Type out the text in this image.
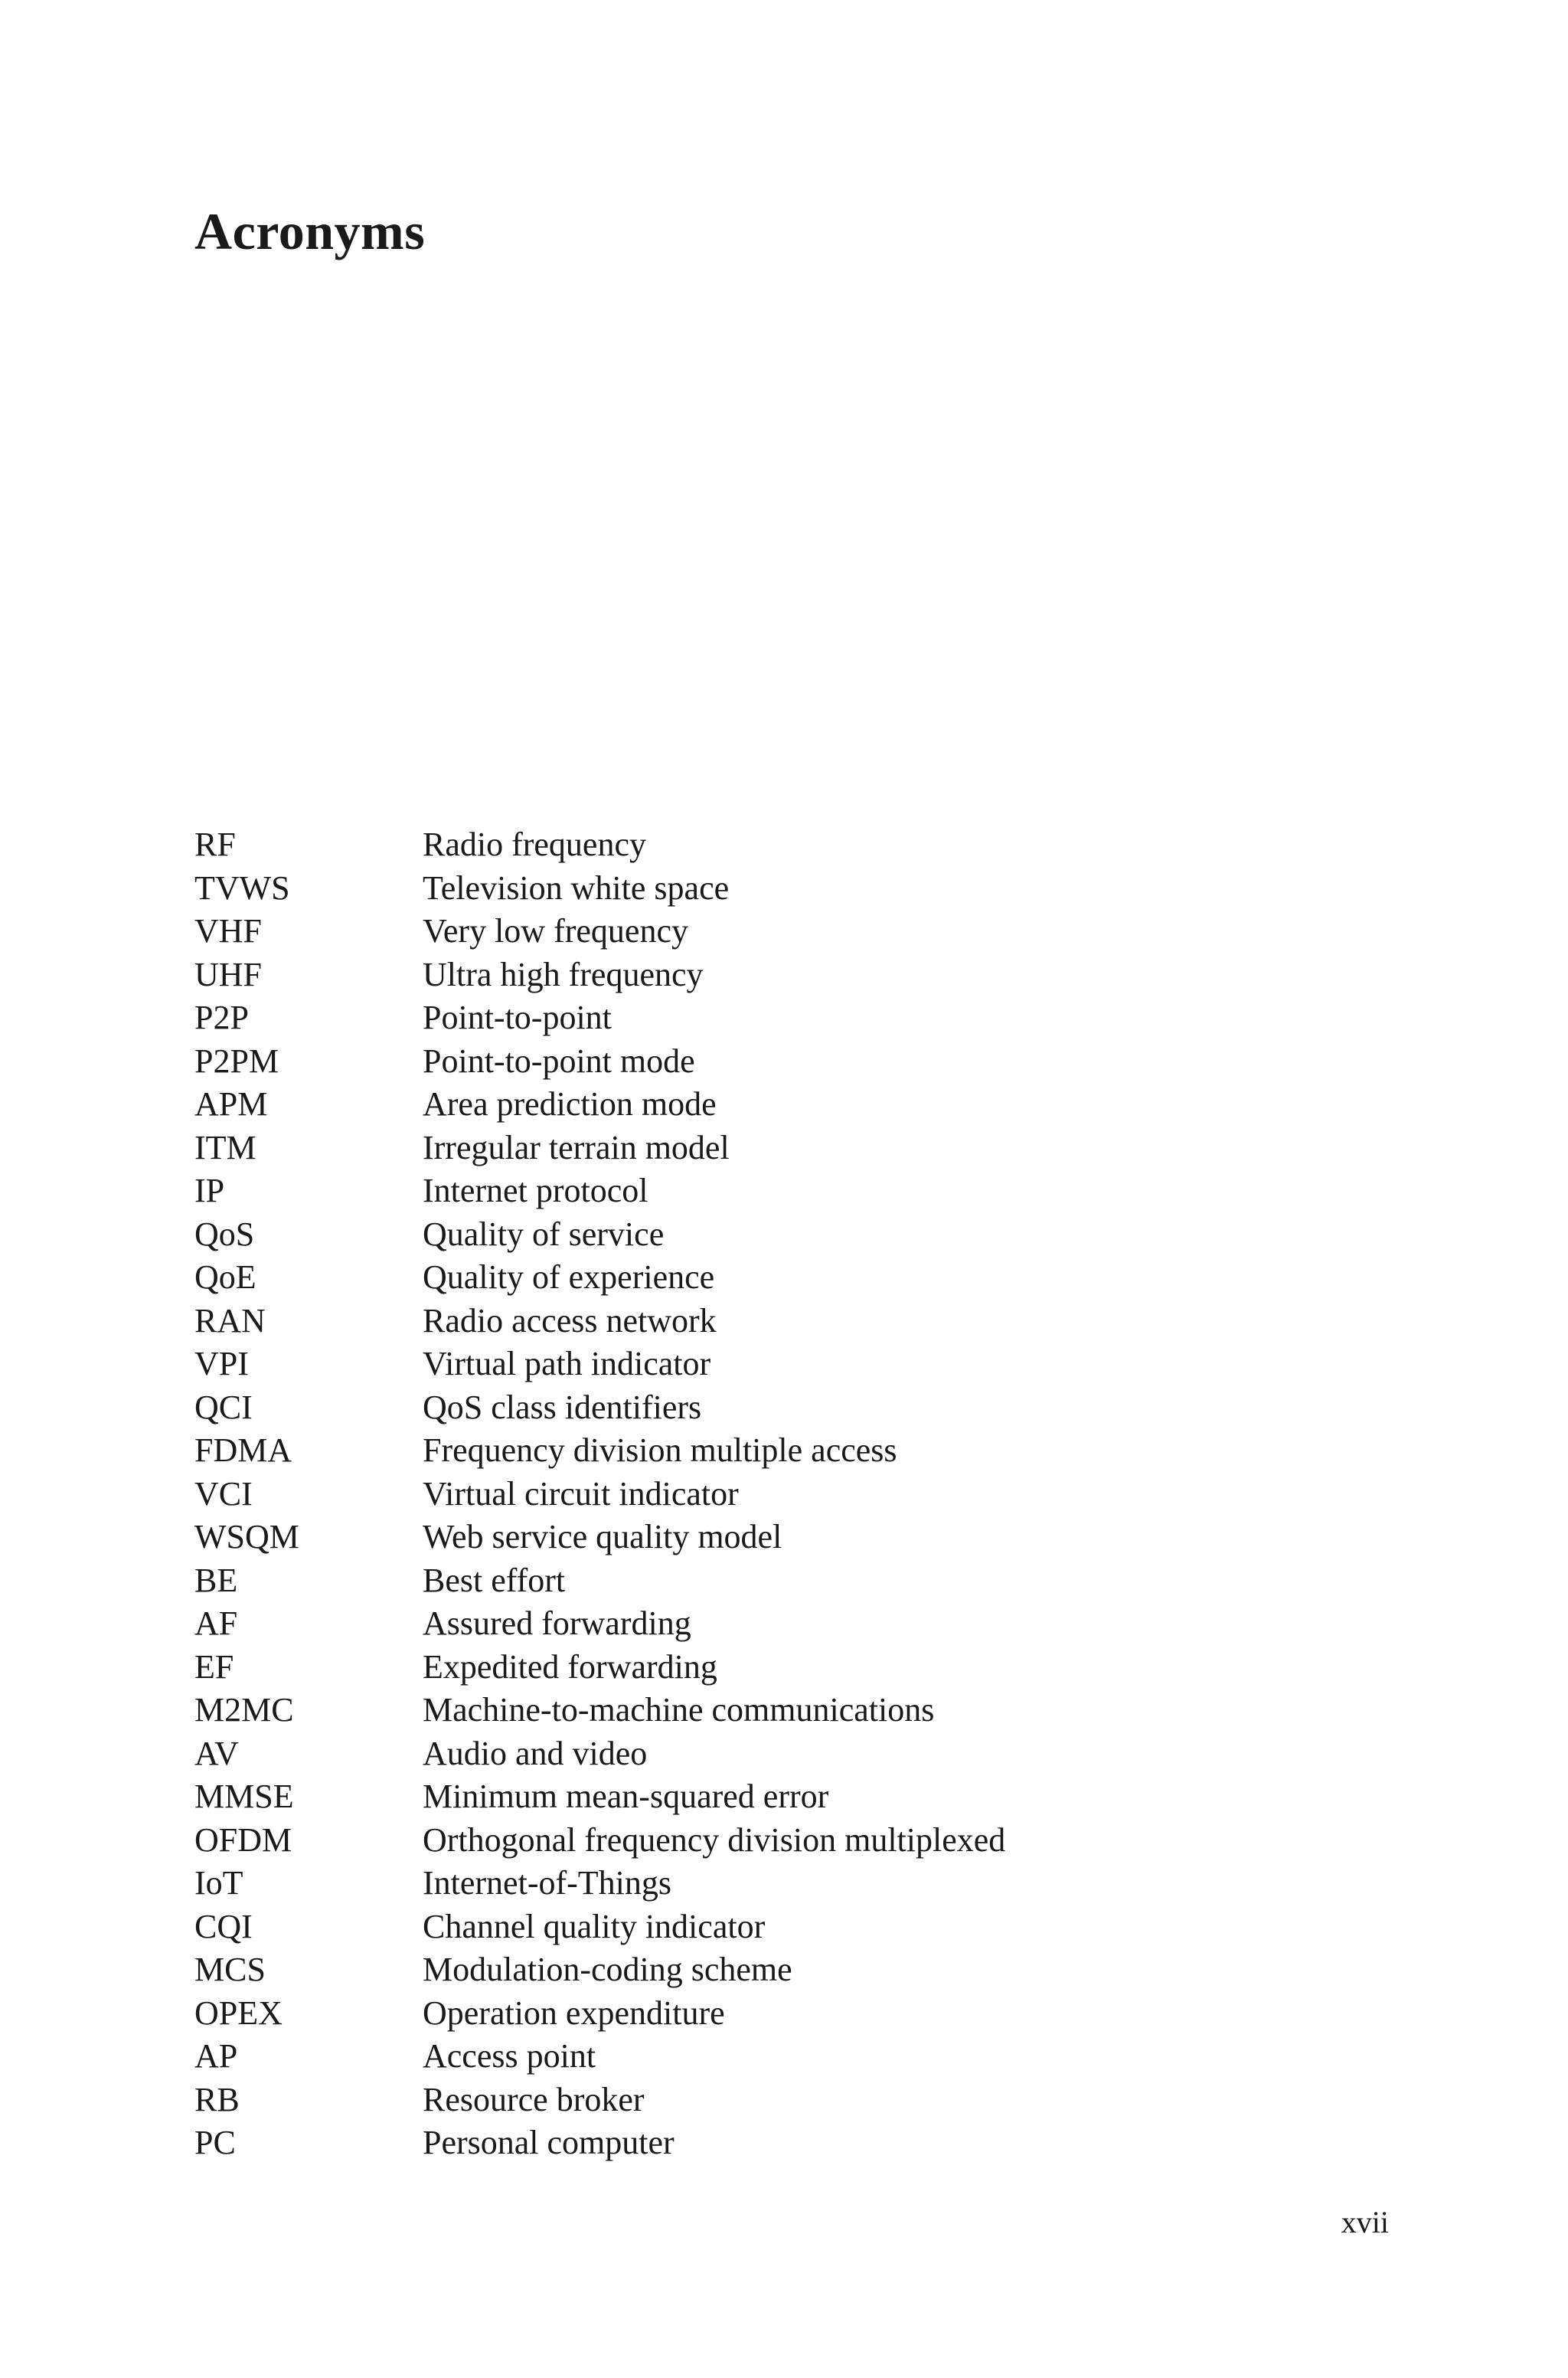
Acronyms
RF	Radio frequency
TVWS	Television white space
VHF	Very low frequency
UHF	Ultra high frequency
P2P	Point-to-point
P2PM	Point-to-point mode
APM	Area prediction mode
ITM	Irregular terrain model
IP	Internet protocol
QoS	Quality of service
QoE	Quality of experience
RAN	Radio access network
VPI	Virtual path indicator
QCI	QoS class identifiers
FDMA	Frequency division multiple access
VCI	Virtual circuit indicator
WSQM	Web service quality model
BE	Best effort
AF	Assured forwarding
EF	Expedited forwarding
M2MC	Machine-to-machine communications
AV	Audio and video
MMSE	Minimum mean-squared error
OFDM	Orthogonal frequency division multiplexed
IoT	Internet-of-Things
CQI	Channel quality indicator
MCS	Modulation-coding scheme
OPEX	Operation expenditure
AP	Access point
RB	Resource broker
PC	Personal computer
xvii
